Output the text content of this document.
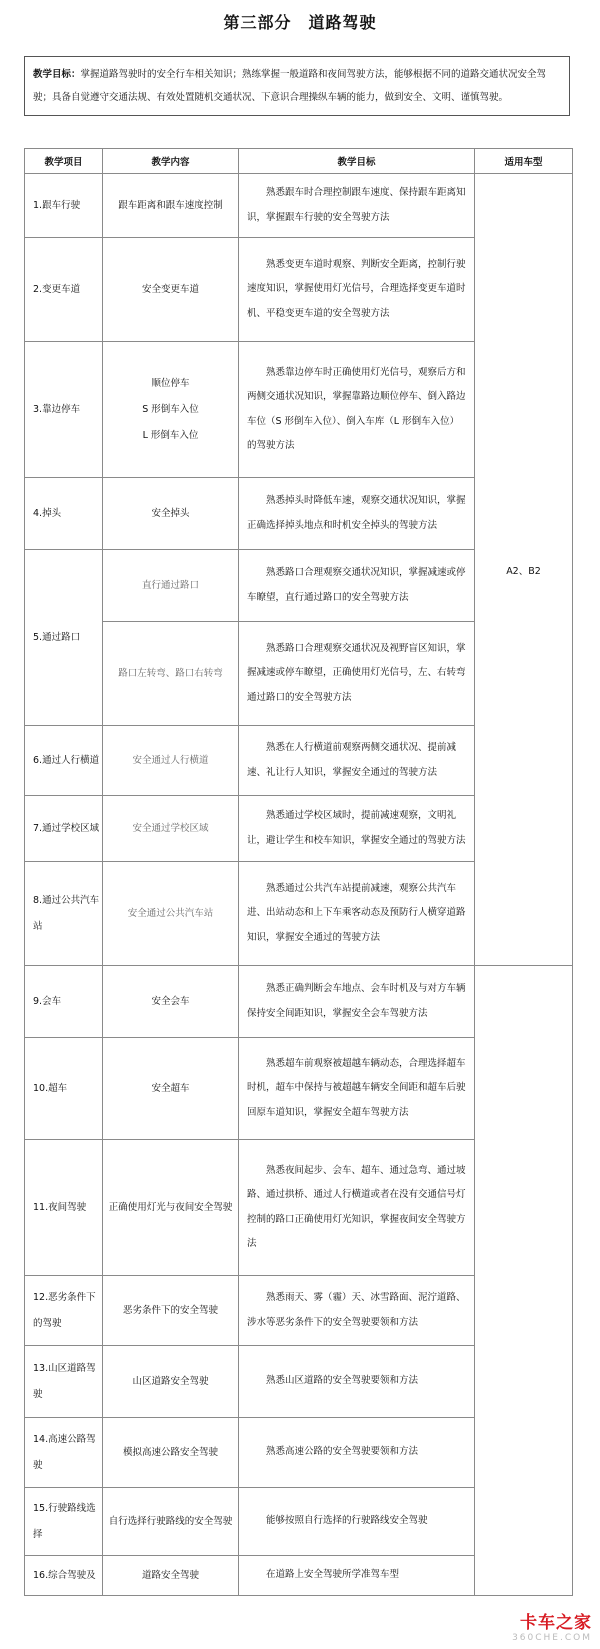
第三部分　道路驾驶
教学目标：掌握道路驾驶时的安全行车相关知识；熟练掌握一般道路和夜间驾驶方法，能够根据不同的道路交通状况安全驾驶；具备自觉遵守交通法规、有效处置随机交通状况、下意识合理操纵车辆的能力，做到安全、文明、谨慎驾驶。
教学项目	教学内容	教学目标	适用车型
1.跟车行驶	跟车距离和跟车速度控制	熟悉跟车时合理控制跟车速度、保持跟车距离知识，掌握跟车行驶的安全驾驶方法	A2、B2
2.变更车道	安全变更车道	熟悉变更车道时观察、判断安全距离，控制行驶速度知识，掌握使用灯光信号，合理选择变更车道时机、平稳变更车道的安全驾驶方法	
3.靠边停车	顺位停车
S 形倒车入位
L 形倒车入位	熟悉靠边停车时正确使用灯光信号，观察后方和两侧交通状况知识，掌握靠路边顺位停车、倒入路边车位（S 形倒车入位）、倒入车库（L 形倒车入位）的驾驶方法	
4.掉头	安全掉头	熟悉掉头时降低车速，观察交通状况知识，掌握正确选择掉头地点和时机安全掉头的驾驶方法	
5.通过路口	直行通过路口	熟悉路口合理观察交通状况知识，掌握减速或停车瞭望，直行通过路口的安全驾驶方法	
	路口左转弯、路口右转弯	熟悉路口合理观察交通状况及视野盲区知识，掌握减速或停车瞭望，正确使用灯光信号，左、右转弯通过路口的安全驾驶方法	
6.通过人行横道	安全通过人行横道	熟悉在人行横道前观察两侧交通状况、提前减速、礼让行人知识，掌握安全通过的驾驶方法	
7.通过学校区域	安全通过学校区域	熟悉通过学校区域时，提前减速观察，文明礼让，避让学生和校车知识，掌握安全通过的驾驶方法	
8.通过公共汽车站	安全通过公共汽车站	熟悉通过公共汽车站提前减速，观察公共汽车进、出站动态和上下车乘客动态及预防行人横穿道路知识，掌握安全通过的驾驶方法	
9.会车	安全会车	熟悉正确判断会车地点、会车时机及与对方车辆保持安全间距知识，掌握安全会车驾驶方法	
10.超车	安全超车	熟悉超车前观察被超越车辆动态，合理选择超车时机，超车中保持与被超越车辆安全间距和超车后驶回原车道知识，掌握安全超车驾驶方法	
11.夜间驾驶	正确使用灯光与夜间安全驾驶	熟悉夜间起步、会车、超车、通过急弯、通过坡路、通过拱桥、通过人行横道或者在没有交通信号灯控制的路口正确使用灯光知识，掌握夜间安全驾驶方法	
12.恶劣条件下的驾驶	恶劣条件下的安全驾驶	熟悉雨天、雾（霾）天、冰雪路面、泥泞道路、涉水等恶劣条件下的安全驾驶要领和方法	
13.山区道路驾驶	山区道路安全驾驶	熟悉山区道路的安全驾驶要领和方法	
14.高速公路驾驶	模拟高速公路安全驾驶	熟悉高速公路的安全驾驶要领和方法	
15.行驶路线选择	自行选择行驶路线的安全驾驶	能够按照自行选择的行驶路线安全驾驶	
16.综合驾驶及	道路安全驾驶	在道路上安全驾驶所学准驾车型	
卡车之家
360CHE.COM
